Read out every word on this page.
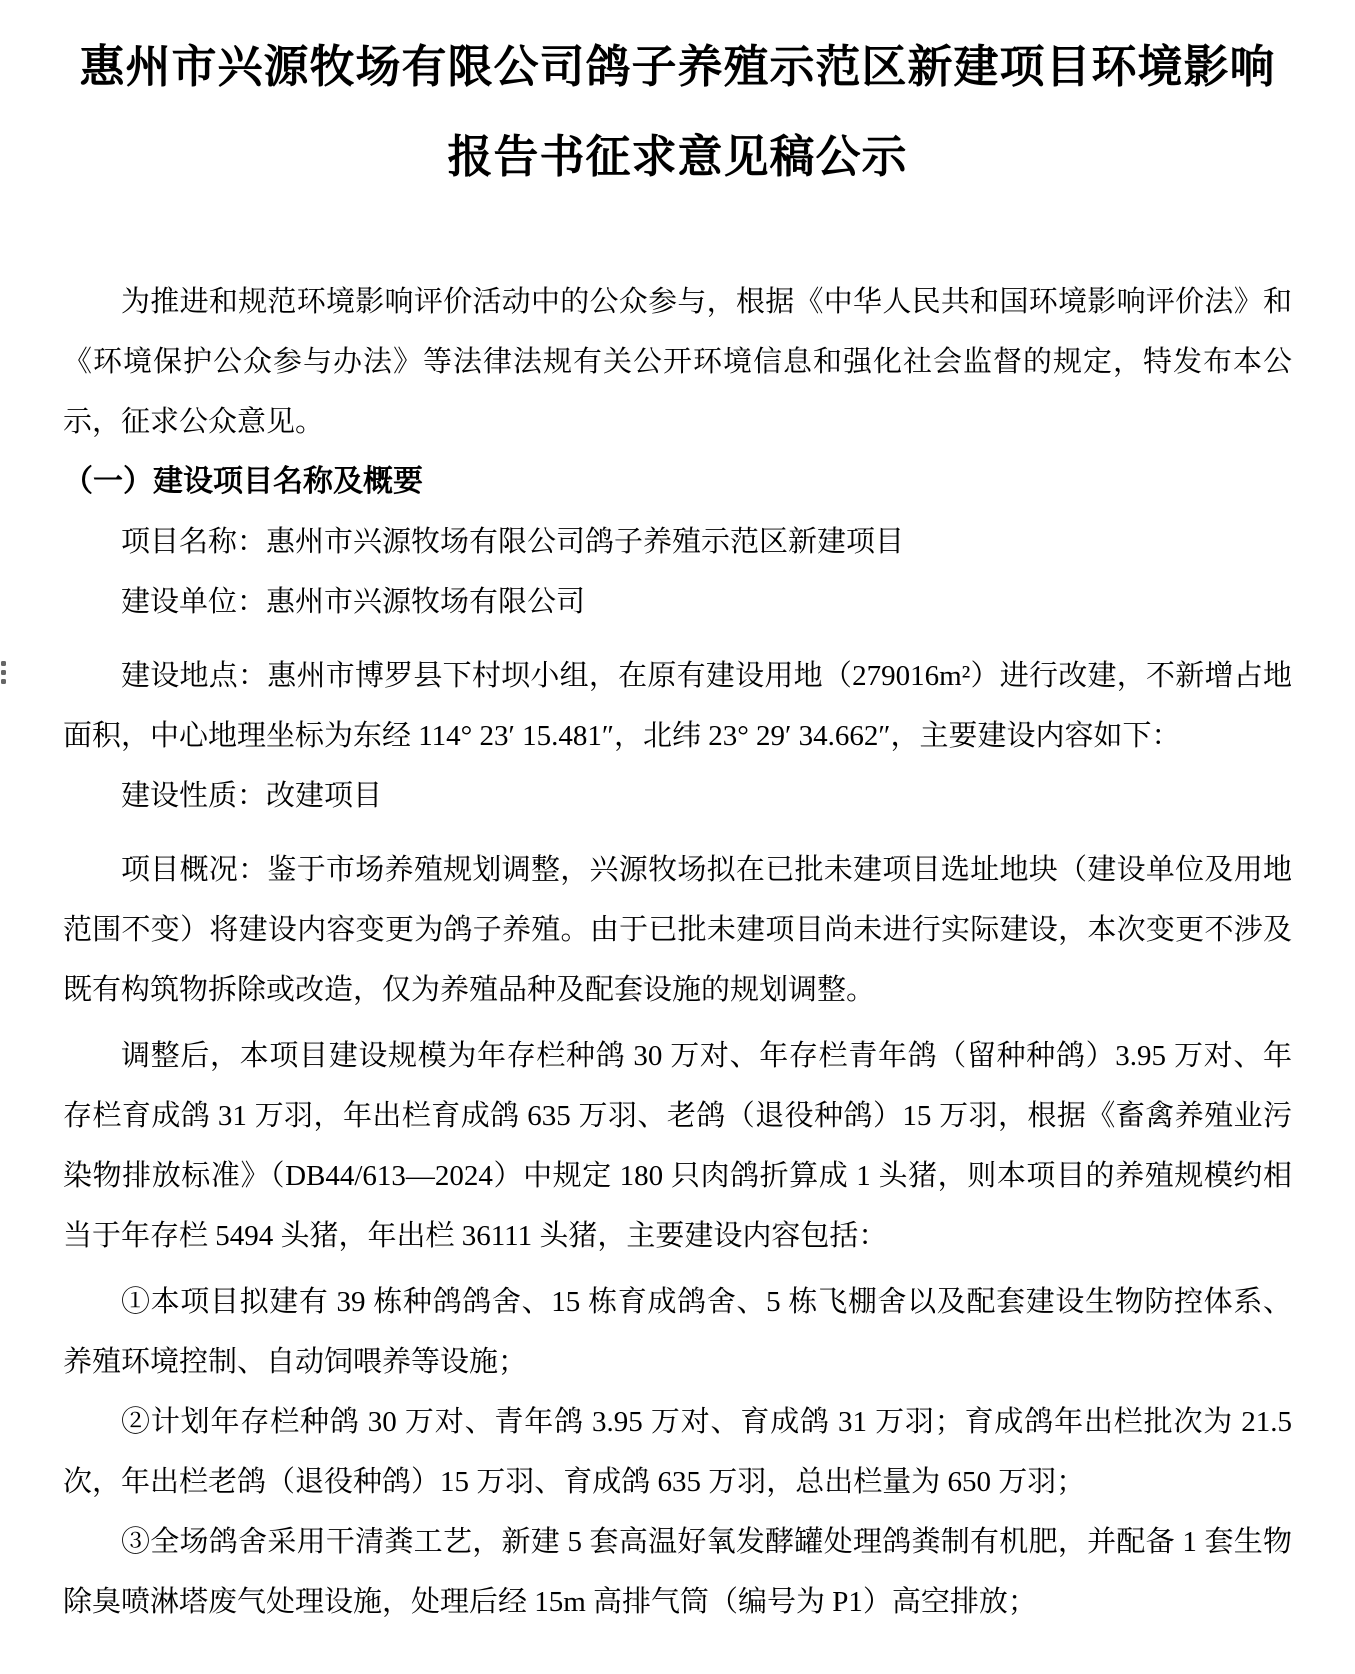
惠州市兴源牧场有限公司鸽子养殖示范区新建项目环境影响
报告书征求意见稿公示

为推进和规范环境影响评价活动中的公众参与，根据《中华人民共和国环境影响评价法》和《环境保护公众参与办法》等法律法规有关公开环境信息和强化社会监督的规定，特发布本公示，征求公众意见。

（一）建设项目名称及概要

项目名称：惠州市兴源牧场有限公司鸽子养殖示范区新建项目

建设单位：惠州市兴源牧场有限公司

建设地点：惠州市博罗县下村坝小组，在原有建设用地（279016m²）进行改建，不新增占地面积，中心地理坐标为东经 114° 23′ 15.481″，北纬 23° 29′ 34.662″，主要建设内容如下：

建设性质：改建项目

项目概况：鉴于市场养殖规划调整，兴源牧场拟在已批未建项目选址地块（建设单位及用地范围不变）将建设内容变更为鸽子养殖。由于已批未建项目尚未进行实际建设，本次变更不涉及既有构筑物拆除或改造，仅为养殖品种及配套设施的规划调整。

调整后，本项目建设规模为年存栏种鸽 30 万对、年存栏青年鸽（留种种鸽）3.95 万对、年存栏育成鸽 31 万羽，年出栏育成鸽 635 万羽、老鸽（退役种鸽）15 万羽，根据《畜禽养殖业污染物排放标准》（DB44/613—2024）中规定 180 只肉鸽折算成 1 头猪，则本项目的养殖规模约相当于年存栏 5494 头猪，年出栏 36111 头猪，主要建设内容包括：

①本项目拟建有 39 栋种鸽鸽舍、15 栋育成鸽舍、5 栋飞棚舍以及配套建设生物防控体系、养殖环境控制、自动饲喂养等设施；

②计划年存栏种鸽 30 万对、青年鸽 3.95 万对、育成鸽 31 万羽；育成鸽年出栏批次为 21.5 次，年出栏老鸽（退役种鸽）15 万羽、育成鸽 635 万羽，总出栏量为 650 万羽；

③全场鸽舍采用干清粪工艺，新建 5 套高温好氧发酵罐处理鸽粪制有机肥，并配备 1 套生物除臭喷淋塔废气处理设施，处理后经 15m 高排气筒（编号为 P1）高空排放；
